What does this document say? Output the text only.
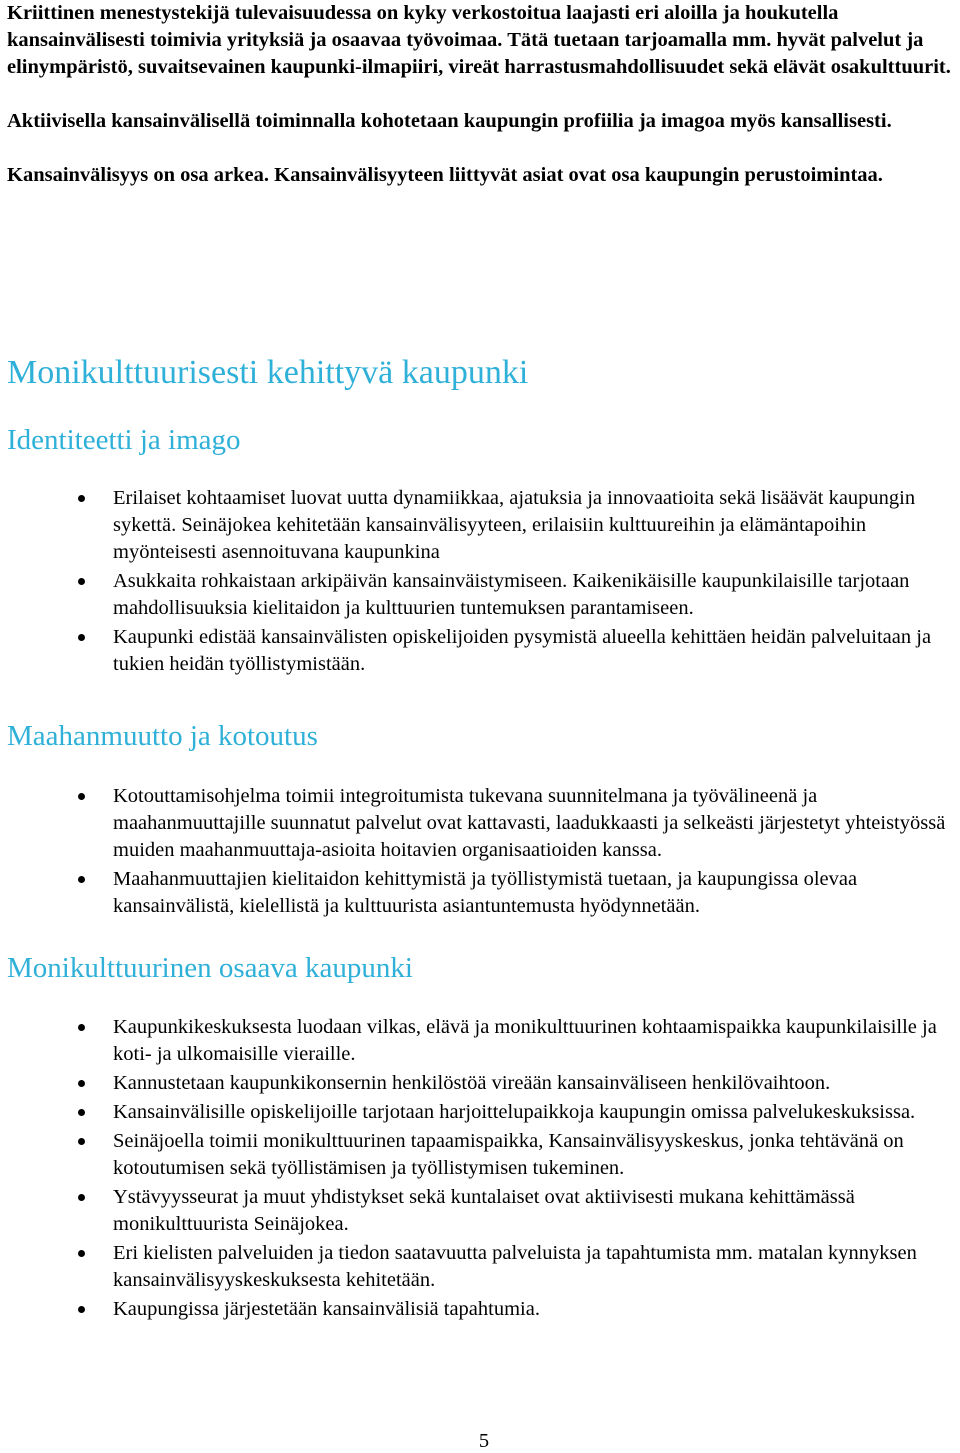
Kriittinen menestystekijä tulevaisuudessa on kyky verkostoitua laajasti eri aloilla ja houkutella
kansainvälisesti toimivia yrityksiä ja osaavaa työvoimaa. Tätä tuetaan tarjoamalla mm. hyvät palvelut ja elinympäristö, suvaitsevainen kaupunki-ilmapiiri, vireät harrastusmahdollisuudet sekä elävät osakulttuurit.

Aktiivisella kansainvälisellä toiminnalla kohotetaan kaupungin profiilia ja imagoa myös kansallisesti.

Kansainvälisyys on osa arkea. Kansainvälisyyteen liittyvät asiat ovat osa kaupungin perustoimintaa.

Monikulttuurisesti kehittyvä kaupunki
Identiteetti ja imago
Erilaiset kohtaamiset luovat uutta dynamiikkaa, ajatuksia ja innovaatioita sekä lisäävät kaupungin sykettä. Seinäjokea kehitetään kansainvälisyyteen, erilaisiin kulttuureihin ja elämäntapoihin myönteisesti asennoituvana kaupunkina
Asukkaita rohkaistaan arkipäivän kansainväistymiseen. Kaikenikäisille kaupunkilaisille tarjotaan mahdollisuuksia kielitaidon ja kulttuurien tuntemuksen parantamiseen.
Kaupunki edistää kansainvälisten opiskelijoiden pysymistä alueella kehittäen heidän palveluitaan ja tukien heidän työllistymistään.
Maahanmuutto ja kotoutus
Kotouttamisohjelma toimii integroitumista tukevana suunnitelmana ja työvälineenä ja maahanmuuttajille suunnatut palvelut ovat kattavasti, laadukkaasti ja selkeästi järjestetyt yhteistyössä muiden maahanmuuttaja-asioita hoitavien organisaatioiden kanssa.
Maahanmuuttajien kielitaidon kehittymistä ja työllistymistä tuetaan, ja kaupungissa olevaa kansainvälistä, kielellistä ja kulttuurista asiantuntemusta hyödynnetään.
Monikulttuurinen osaava kaupunki
Kaupunkikeskuksesta luodaan vilkas, elävä ja monikulttuurinen kohtaamispaikka kaupunkilaisille ja koti- ja ulkomaisille vieraille.
Kannustetaan kaupunkikonsernin henkilöstöä vireään kansainväliseen henkilövaihtoon.
Kansainvälisille opiskelijoille tarjotaan harjoittelupaikkoja kaupungin omissa palvelukeskuksissa.
Seinäjoella toimii monikulttuurinen tapaamispaikka, Kansainvälisyyskeskus, jonka tehtävänä on kotoutumisen sekä työllistämisen ja työllistymisen tukeminen.
Ystävyysseurat ja muut yhdistykset sekä kuntalaiset ovat aktiivisesti mukana kehittämässä monikulttuurista Seinäjokea.
Eri kielisten palveluiden ja tiedon saatavuutta palveluista ja tapahtumista mm. matalan kynnyksen kansainvälisyyskeskuksesta kehitetään.
Kaupungissa järjestetään kansainvälisiä tapahtumia.
5
